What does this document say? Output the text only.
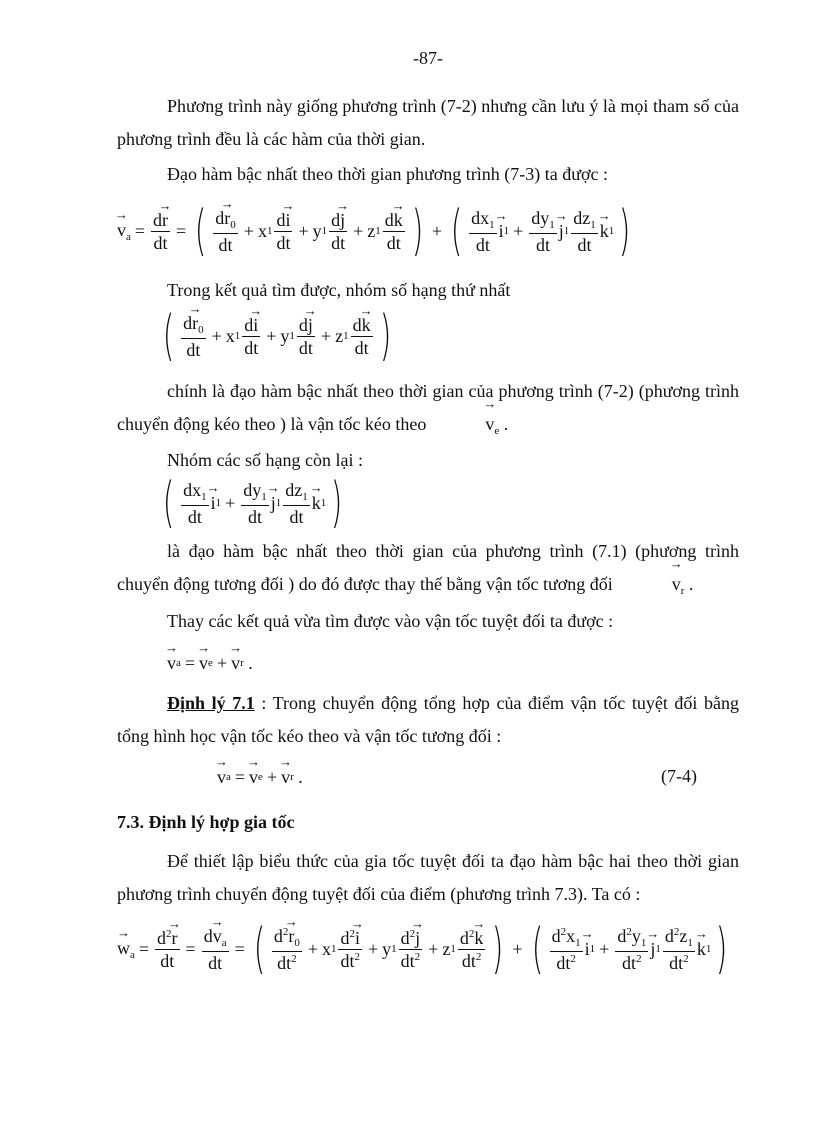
-87-
Phương trình này giống phương trình (7-2) nhưng cần lưu ý là mọi tham số của phương trình đều là các hàm của thời gian.
Đạo hàm bậc nhất theo thời gian phương trình (7-3) ta được :
→ $v_a = \frac{d\to r}{dt}$ = ( $\frac{d\to r_0}{dt} + x$ $1 \frac{d\to i}{dt} + y$ $1 \frac{d\to j}{dt} + z$ $1 \frac{d\to k}{dt}$ ) + ( $\frac{dx_1}{dt}$
→ i $1 + \frac{dy_1}{dt}$
→ j $1 \frac{dz_1}{dt}$
→ k 1 )
Trong kết quả tìm được, nhóm số hạng thứ nhất
( $\frac{d\to r_0}{dt} + x$ $1 \frac{d\to i}{dt} + y$ $1 \frac{d\to j}{dt} + z$ $1 \frac{d\to k}{dt}$ )
chính là đạo hàm bậc nhất theo thời gian của phương trình (7-2) (phương trình chuyển động kéo theo ) là vận tốc kéo theo  →	$v_e$ .
Nhóm các số hạng còn lại :
( $\frac{dx_1}{dt}$
→ i $1 + \frac{dy_1}{dt}$
→ j $1 \frac{dz_1}{dt}$
→ k 1 )
là đạo hàm bậc nhất theo thời gian của phương trình (7.1) (phương trình chuyển động tương đối ) do đó được thay thế bằng vận tốc tương đối  →	$v_r$ .
Thay các kết quả vừa tìm được vào vận tốc tuyệt đối ta được :
→ v a =
→ v e +
→ v r .
Định lý 7.1 : Trong chuyển động tổng hợp của điểm vận tốc tuyệt đối bằng tổng hình học vận tốc kéo theo và vận tốc tương đối :
→ v a =
→ v e +
→ v r .	(7-4)
7.3. Định lý hợp gia tốc
Để thiết lập biểu thức của gia tốc tuyệt đối ta đạo hàm bậc hai theo thời gian phương trình chuyển động tuyệt đối của điểm (phương trình 7.3). Ta có :
→ $w_a = \frac{d^2\to r}{dt} = \frac{d\to v_a}{dt}$ = ( $\frac{d^2\to r_0}{dt^2} + x$ $1 \frac{d^2\to i}{dt^2} + y$ $1 \frac{d^2\to j}{dt^2} + z$ $1 \frac{d^2\to k}{dt^2}$ ) + ( $\frac{d^2x_1}{dt^2}$
→ i $1 + \frac{d^2y_1}{dt^2}$
→ j $1 \frac{d^2z_1}{dt^2}$
→ k 1 )
